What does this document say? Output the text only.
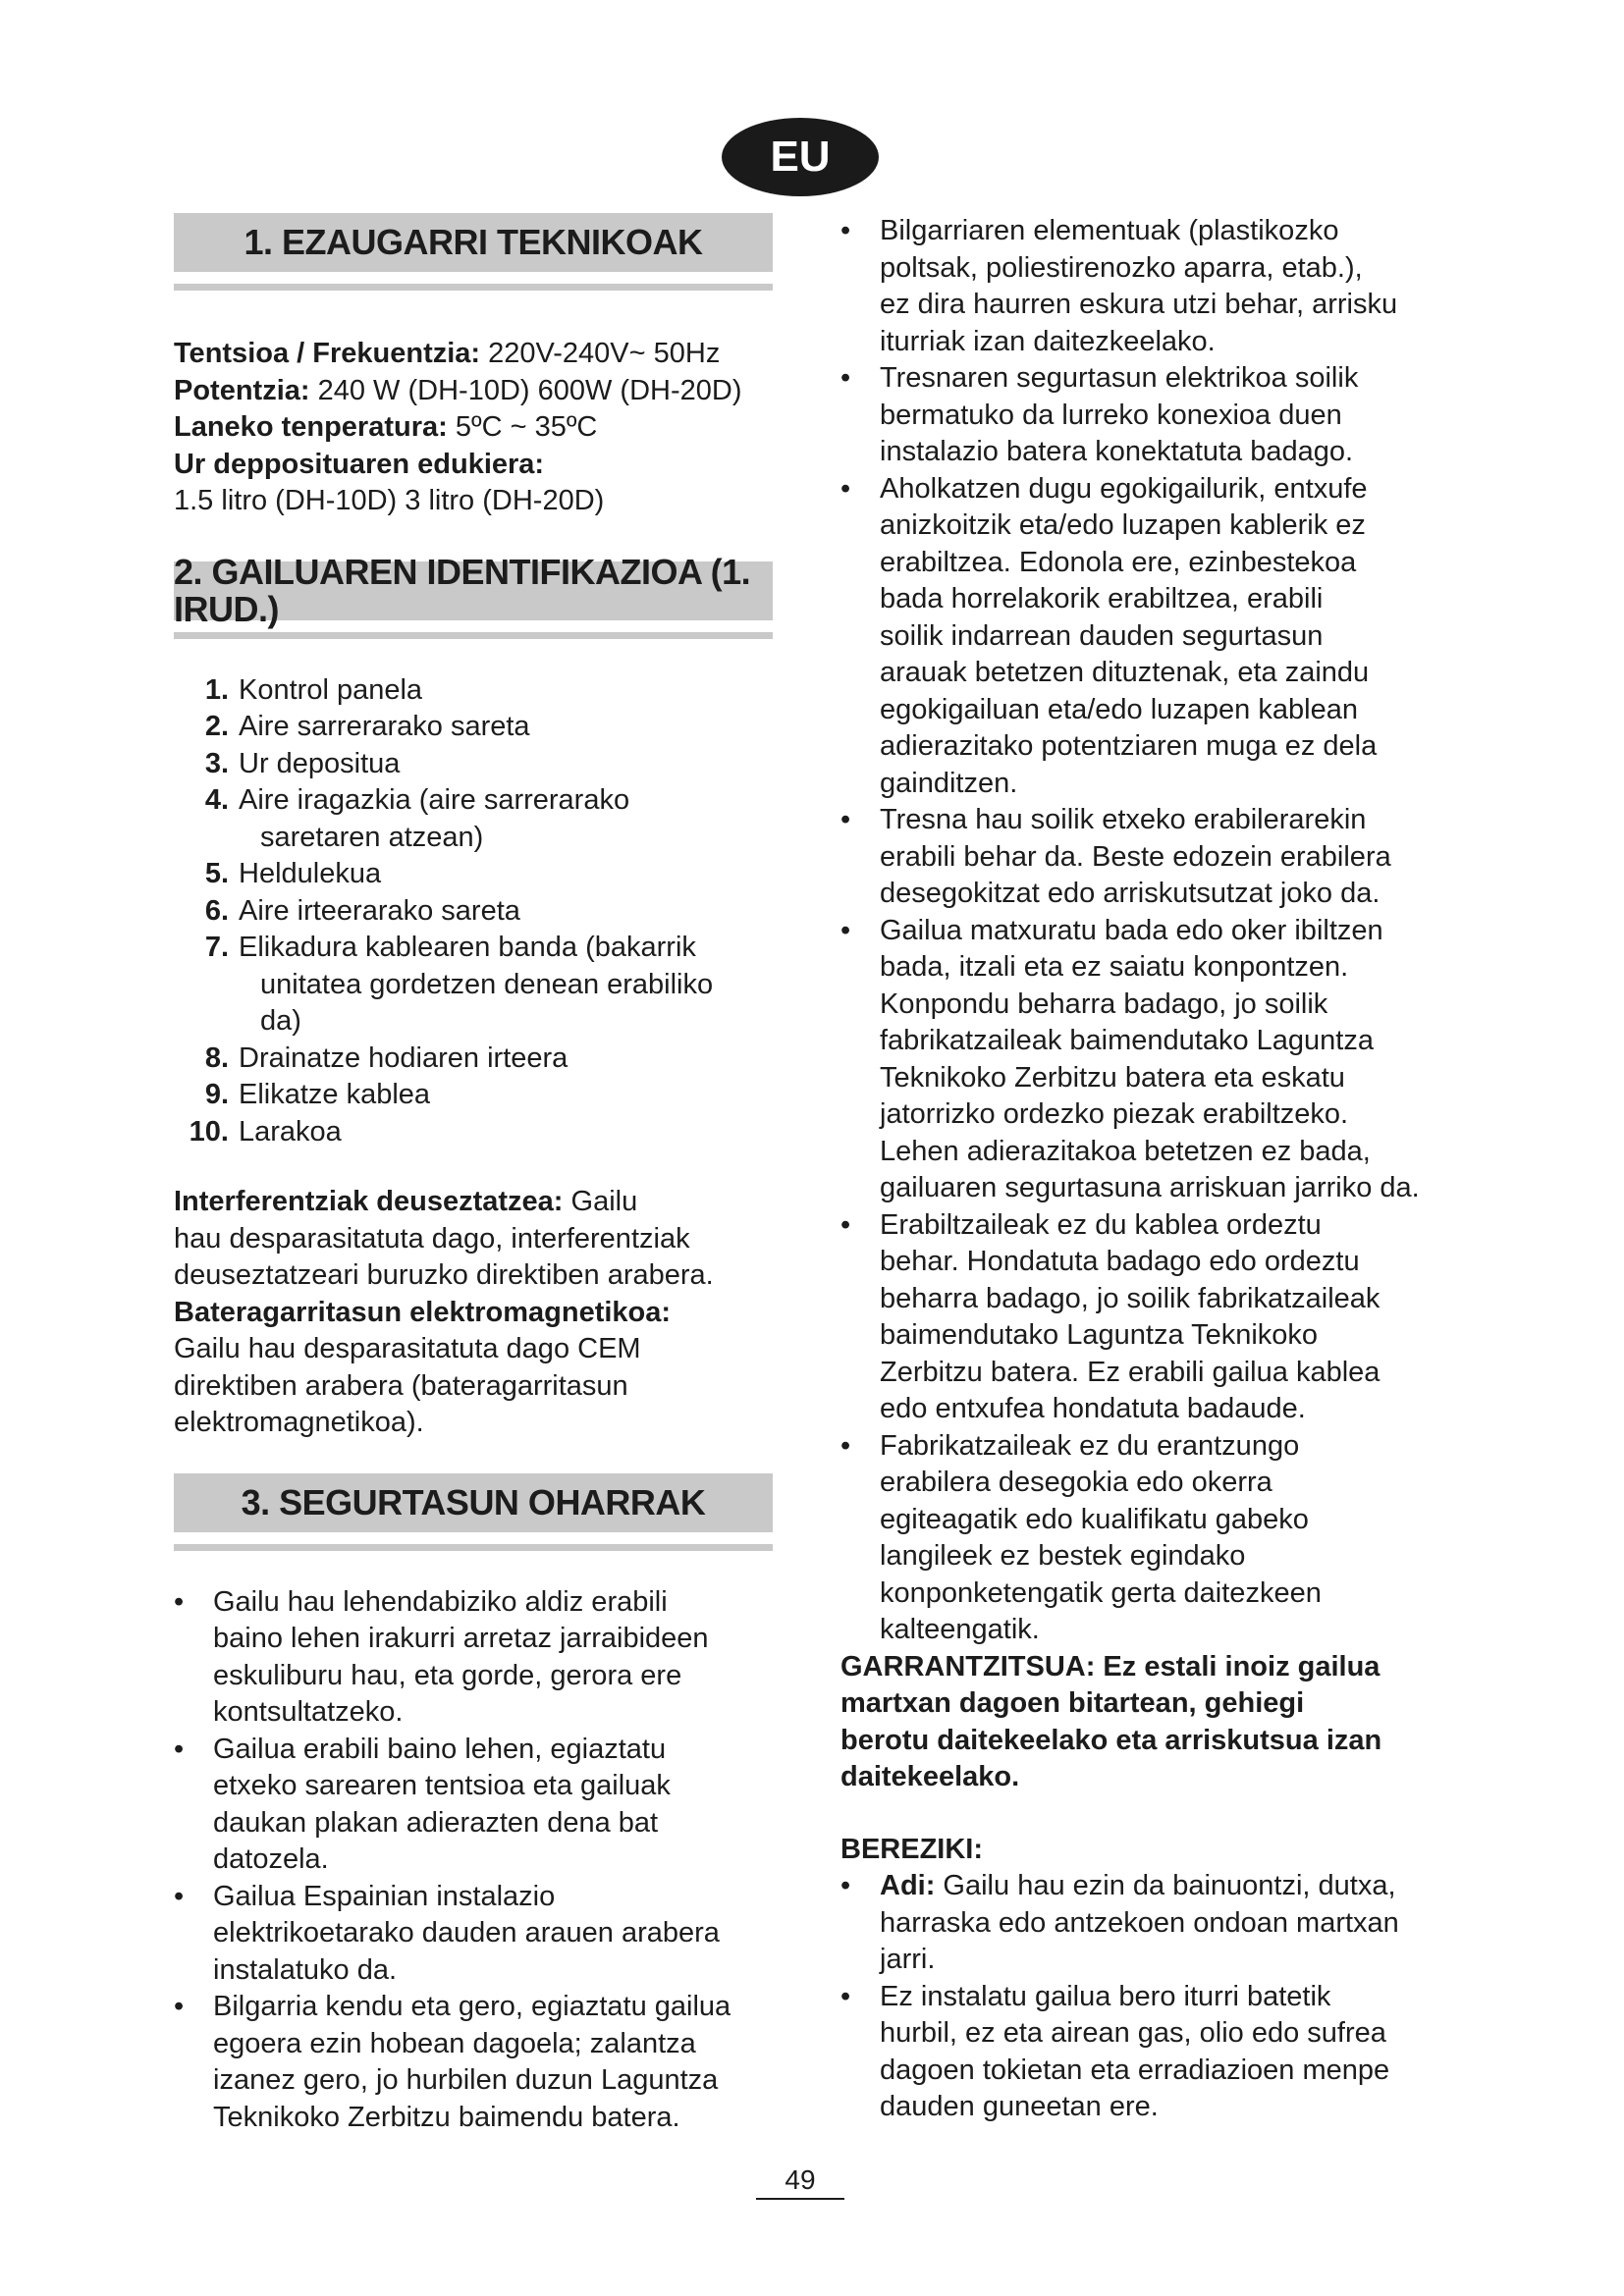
EU
1. EZAUGARRI TEKNIKOAK

Tentsioa / Frekuentzia: 220V-240V~ 50Hz

Potentzia: 240 W (DH-10D) 600W (DH-20D)

Laneko tenperatura: 5ºC ~ 35ºC

Ur depposituaren edukiera:

1.5 litro (DH-10D) 3 litro (DH-20D)

2. GAILUAREN IDENTIFIKAZIOA (1. IRUD.)
1. Kontrol panela
2. Aire sarrerarako sareta
3. Ur depositua
4. Aire iragazkia (aire sarrerarako
saretaren atzean)
5. Heldulekua
6. Aire irteerarako sareta
7. Elikadura kablearen banda (bakarrik
unitatea gordetzen denean erabiliko
da)
8. Drainatze hodiaren irteera
9. Elikatze kablea
10. Larakoa

Interferentziak deuseztatzea: Gailu

hau desparasitatuta dago, interferentziak

deuseztatzeari buruzko direktiben arabera.

Bateragarritasun elektromagnetikoa:

Gailu hau desparasitatuta dago CEM

direktiben arabera (bateragarritasun

elektromagnetikoa).

3. SEGURTASUN OHARRAK
•	Gailu hau lehendabiziko aldiz erabili

baino lehen irakurri arretaz jarraibideen

eskuliburu hau, eta gorde, gerora ere

kontsultatzeko.

•	Gailua erabili baino lehen, egiaztatu

etxeko sarearen tentsioa eta gailuak

daukan plakan adierazten dena bat

datozela.

•	Gailua Espainian instalazio

elektrikoetarako dauden arauen arabera

instalatuko da.

•	Bilgarria kendu eta gero, egiaztatu gailua

egoera ezin hobean dagoela; zalantza

izanez gero, jo hurbilen duzun Laguntza

Teknikoko Zerbitzu baimendu batera.

•	Bilgarriaren elementuak (plastikozko

poltsak, poliestirenozko aparra, etab.),

ez dira haurren eskura utzi behar, arrisku

iturriak izan daitezkeelako.

•	Tresnaren segurtasun elektrikoa soilik

bermatuko da lurreko konexioa duen

instalazio batera konektatuta badago.

•	Aholkatzen dugu egokigailurik, entxufe

anizkoitzik eta/edo luzapen kablerik ez

erabiltzea. Edonola ere, ezinbestekoa

bada horrelakorik erabiltzea, erabili

soilik indarrean dauden segurtasun

arauak betetzen dituztenak, eta zaindu

egokigailuan eta/edo luzapen kablean

adierazitako potentziaren muga ez dela

gainditzen.

•	Tresna hau soilik etxeko erabilerarekin

erabili behar da. Beste edozein erabilera

desegokitzat edo arriskutsutzat joko da.

•	Gailua matxuratu bada edo oker ibiltzen

bada, itzali eta ez saiatu konpontzen.

Konpondu beharra badago, jo soilik

fabrikatzaileak baimendutako Laguntza

Teknikoko Zerbitzu batera eta eskatu

jatorrizko ordezko piezak erabiltzeko.

Lehen adierazitakoa betetzen ez bada,

gailuaren segurtasuna arriskuan jarriko da.

•	Erabiltzaileak ez du kablea ordeztu

behar. Hondatuta badago edo ordeztu

beharra badago, jo soilik fabrikatzaileak

baimendutako Laguntza Teknikoko

Zerbitzu batera. Ez erabili gailua kablea

edo entxufea hondatuta badaude.

•	Fabrikatzaileak ez du erantzungo

erabilera desegokia edo okerra

egiteagatik edo kualifikatu gabeko

langileek ez bestek egindako

konponketengatik gerta daitezkeen

kalteengatik.

GARRANTZITSUA: Ez estali inoiz gailua

martxan dagoen bitartean, gehiegi

berotu daitekeelako eta arriskutsua izan

daitekeelako.

BEREZIKI:

•	Adi: Gailu hau ezin da bainuontzi, dutxa,

harraska edo antzekoen ondoan martxan

jarri.

•	Ez instalatu gailua bero iturri batetik

hurbil, ez eta airean gas, olio edo sufrea

dagoen tokietan eta erradiazioen menpe

dauden guneetan ere.

49
